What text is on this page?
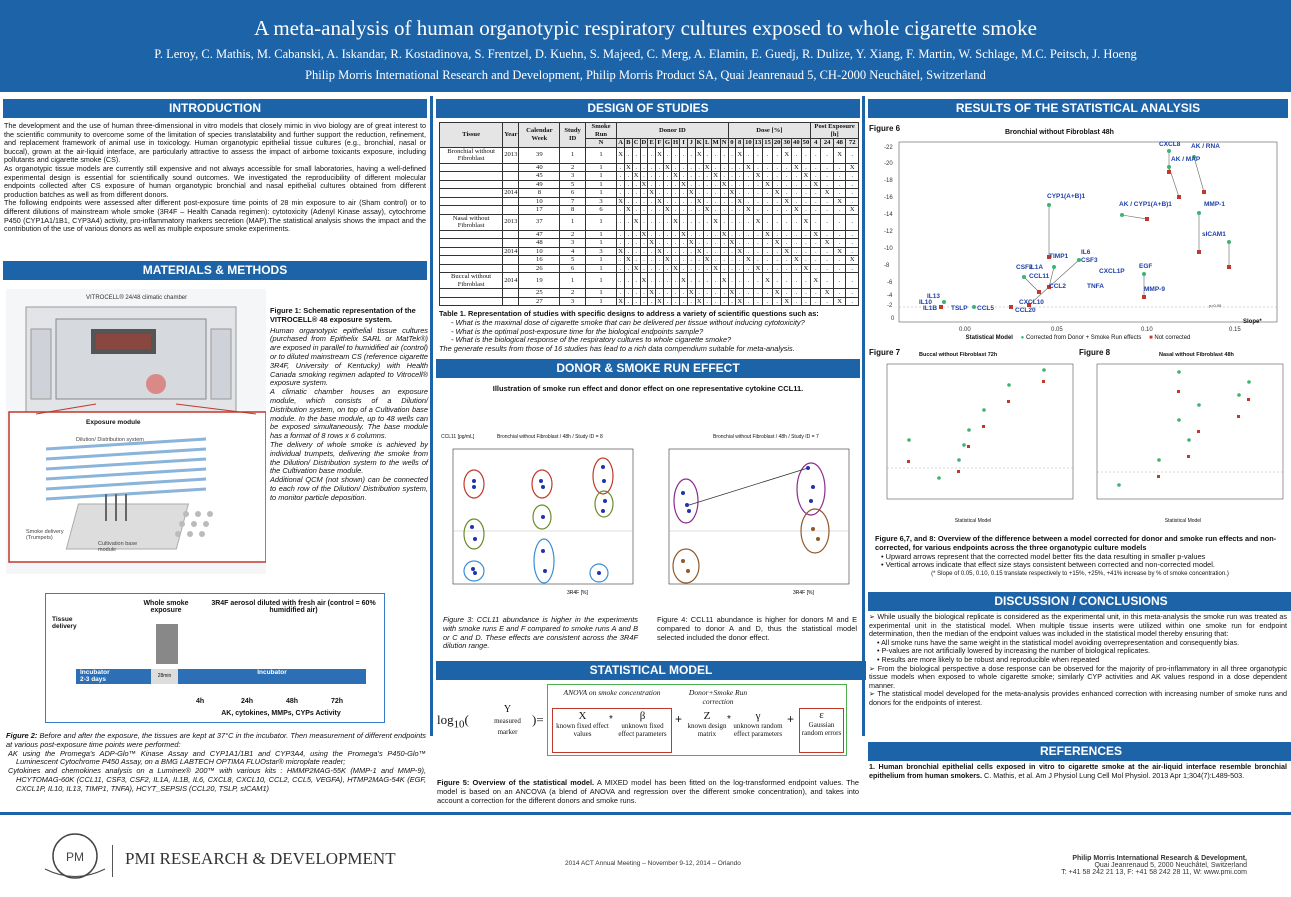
A meta-analysis of human organotypic respiratory cultures exposed to whole cigarette smoke
P. Leroy, C. Mathis, M. Cabanski, A. Iskandar, R. Kostadinova, S. Frentzel, D. Kuehn, S. Majeed, C. Merg, A. Elamin, E. Guedj, R. Dulize, Y. Xiang, F. Martin, W. Schlage, M.C. Peitsch, J. Hoeng
Philip Morris International Research and Development, Philip Morris Product SA, Quai Jeanrenaud 5, CH-2000 Neuchâtel, Switzerland
INTRODUCTION

The development and the use of human three-dimensional in vitro models that closely mimic in vivo biology are of great interest to the scientific community to overcome some of the limitation of species translatability and further support the reduction, refinement, and replacement framework of animal use in toxicology. Human organotypic epithelial tissue cultures (e.g., bronchial, nasal or buccal), grown at the air-liquid interface, are particularly attractive to assess the impact of airborne toxicants exposure, including pollutants and cigarette smoke (CS).

As organotypic tissue models are currently still expensive and not always accessible for small laboratories, having a well-defined experimental design is essential for scientifically sound outcomes. We investigated the reproducibility of different molecular endpoints collected after CS exposure of human organotypic bronchial and nasal epithelial cultures obtained from different production batches as well as from different donors.

The following endpoints were assessed after different post-exposure time points of 28 min exposure to air (Sham control) or to different dilutions of mainstream whole smoke (3R4F – Health Canada regimen): cytotoxicity (Adenyl Kinase assay), cytochrome P450 (CYP1A1/1B1, CYP3A4) activity, pro-inflammatory markers secretion (MAP).The statistical analysis shows the impact and the contribution of the use of various donors as well as multiple exposure smoke experiments.

MATERIALS & METHODS
VITROCELL® 24/48 climatic chamber
Exposure module
Dilution/ Distribution system
Smoke delivery (Trumpets)
Cultivation base module
Figure 1: Schematic representation of the VITROCELL® 48 exposure system.

Human organotypic epithelial tissue cultures (purchased from Epithelix SARL or MatTek®) are exposed in parallel to humidified air (control) or to diluted mainstream CS (reference cigarette 3R4F, University of Kentucky) with Health Canada smoking regimen adapted to Vitrocell® exposure system.

A climatic chamber houses an exposure module, which consists of a Dilution/ Distribution system, on top of a Cultivation base module. In the base module, up to 48 wells can be exposed simultaneously. The base module has a format of 8 rows x 6 columns.

The delivery of whole smoke is achieved by individual trumpets, delivering the smoke from the Dilution/ Distribution system to the wells of the Cultivation base module.

Additional QCM (not shown) can be connected to each row of the Dilution/ Distribution system, to monitor particle deposition.

Tissue delivery
Whole smoke exposure
3R4F aerosol diluted with fresh air (control = 60% humidified air)
Incubator
2-3 days	28min	Incubator
4h	24h	48h	72h
AK, cytokines, MMPs, CYPs Activity
Figure 2: Before and after the exposure, the tissues are kept at 37°C in the incubator. Then measurement of different endpoints at various post-exposure time points were performed:
AK using the Promega's ADP-Glo™ Kinase Assay and CYP1A1/1B1 and CYP3A4, using the Promega's P450-Glo™ Luminescent Cytochrome P450 Assay, on a BMG LABTECH OPTIMA FLUOstar® microplate reader;
Cytokines and chemokines analysis on a Luminex® 200™ with various kits : HMMP2MAG-55K (MMP-1 and MMP-9), HCYTOMAG-60K (CCL11, CSF3, CSF2, IL1A, IL1B, IL6, CXCL8, CXCL10, CCL2, CCL5, VEGFA), HTMP2MAG-54K (EGF, CXCL1P, IL10, IL13, TIMP1, TNFA), HCYT_SEPSIS (CCL20, TSLP, sICAM1)
DESIGN OF STUDIES
Tissue	Year	Calendar Week	Study ID	Smoke Run	Donor ID														Dose [%]									Post Exposure [h]			
				N	A	B	C	D	E	F	G	H	I	J	K	L	M	N	0	8	10	13	15	20	30	40	50	4	24	48	72
Bronchial without Fibroblast	2013	39	1	1	X	.	.	.	.	X	.	.	.	.	X	.	.	.	.	X	.	.	.	.	X	.	.	.	.	X	.
		40	2	1	.	X	.	.	.	.	X	.	.	.	.	X	.	.	.	.	X	.	.	.	.	X	.	.	.	.	X
		45	3	1	.	.	X	.	.	.	.	X	.	.	.	.	X	.	.	.	.	X	.	.	.	.	X	.	.	.	.
		49	5	1	.	.	.	X	.	.	.	.	X	.	.	.	.	X	.	.	.	.	X	.	.	.	.	X	.	.	.
	2014	8	6	1	.	.	.	.	X	.	.	.	.	X	.	.	.	.	X	.	.	.	.	X	.	.	.	.	X	.	.
		10	7	3	X	.	.	.	.	X	.	.	.	.	X	.	.	.	.	X	.	.	.	.	X	.	.	.	.	X	.
		17	8	6	.	X	.	.	.	.	X	.	.	.	.	X	.	.	.	.	X	.	.	.	.	X	.	.	.	.	X
Nasal without Fibroblast	2013	37	1	1	.	.	X	.	.	.	.	X	.	.	.	.	X	.	.	.	.	X	.	.	.	.	X	.	.	.	.
		47	2	1	.	.	.	X	.	.	.	.	X	.	.	.	.	X	.	.	.	.	X	.	.	.	.	X	.	.	.
		48	3	1	.	.	.	.	X	.	.	.	.	X	.	.	.	.	X	.	.	.	.	X	.	.	.	.	X	.	.
	2014	10	4	3	X	.	.	.	.	X	.	.	.	.	X	.	.	.	.	X	.	.	.	.	X	.	.	.	.	X	.
		16	5	1	.	X	.	.	.	.	X	.	.	.	.	X	.	.	.	.	X	.	.	.	.	X	.	.	.	.	X
		26	6	1	.	.	X	.	.	.	.	X	.	.	.	.	X	.	.	.	.	X	.	.	.	.	X	.	.	.	.
Buccal without Fibroblast	2014	19	1	1	.	.	.	X	.	.	.	.	X	.	.	.	.	X	.	.	.	.	X	.	.	.	.	X	.	.	.
		25	2	1	.	.	.	.	X	.	.	.	.	X	.	.	.	.	X	.	.	.	.	X	.	.	.	.	X	.	.
		27	3	1	X	.	.	.	.	X	.	.	.	.	X	.	.	.	.	X	.	.	.	.	X	.	.	.	.	X	.
Table 1. Representation of studies with specific designs to address a variety of scientific questions such as:
- What is the maximal dose of cigarette smoke that can be delivered per tissue without inducing cytotoxicity?
- What is the optimal post-exposure time for the biological endpoints sample?
- What is the biological response of the respiratory cultures to whole cigarette smoke?
The generate results from those of 16 studies has lead to a rich data compendium suitable for meta-analysis.
DONOR & SMOKE RUN EFFECT
Illustration of smoke run effect and donor effect on one representative cytokine CCL11.
CCL11 [pg/mL]	Bronchial without Fibroblast / 48h / Study ID = 8
3R4F [%]
Bronchial without Fibroblast / 48h / Study ID = 7
3R4F [%]
Figure 3: CCL11 abundance is higher in the experiments with smoke runs E and F compared to smoke runs A and B or C and D. These effects are consistent across the 3R4F dilution range.
Figure 4: CCL11 abundance is higher for donors M and E compared to donor A and D, thus the statistical model selected included the donor effect.
STATISTICAL MODEL
$\log_{10}$(
Y
measured marker
)=
ANOVA on smoke concentration	Donor+Smoke Run correction
X
known fixed effect values
*	β
unknown fixed effect parameters
+	Z
known design matrix
*	γ
unknown random effect parameters
+	ε
Gaussian random errors
Figure 5: Overview of the statistical model. A MIXED model has been fitted on the log-transformed endpoint values. The model is based on an ANCOVA (a blend of ANOVA and regression over the different smoke concentration), and takes into account a correction for the different donors and smoke runs.
RESULTS OF THE STATISTICAL ANALYSIS
Figure 6	Bronchial without Fibroblast 48h
-22
-20
-18
-16
-14
-12
-10
-8
-6
-4
-2
0
0.00	0.05	0.10	0.15
p=0.05
CXCL8 AK / RNA
AK / MAP
AK / CYP1(A+B)1	MMP-1
CYP1(A+B)1
sICAM1
TIMP1
IL6
CSF3
EGF
CSF2
IL1A
CCL11
CXCL1P
MMP-9
CCL2	TNFA
IL13
IL10
IL1B TSLP CCL5
CXCL10
CCL20
Statistical Model ● Corrected from Donor + Smoke Run effects ■ Not corrected
Slope*
Figure 7	Buccal without Fibroblast 72h
Statistical Model
Figure 8	Nasal without Fibroblast 48h
Statistical Model
Figure 6,7, and 8: Overview of the difference between a model corrected for donor and smoke run effects and non-corrected, for various endpoints across the three organotypic culture models
• Upward arrows represent that the corrected model better fits the data resulting in smaller p-values
• Vertical arrows indicate that effect size stays consistent between corrected and non-corrected model.
(* Slope of 0.05, 0.10, 0.15 translate respectively to +15%, +25%, +41% increase by % of smoke concentration.)
DISCUSSION / CONCLUSIONS

➢ While usually the biological replicate is considered as the experimental unit, in this meta-analysis the smoke run was treated as experimental unit in the statistical model. When multiple tissue inserts were utilized within one smoke run for endpoint determination, then the median of the endpoint values was included in the statistical model thereby ensuring that:

• All smoke runs have the same weight in the statistical model avoiding overrepresentation and consequently bias.
• P-values are not artificially lowered by increasing the number of biological replicates.
• Results are more likely to be robust and reproducible when repeated

➢ From the biological perspective a dose response can be observed for the majority of pro-inflammatory in all three organotypic tissue models when exposed to whole cigarette smoke; similarly CYP activities and AK values respond in a dose dependent manner.

➢ The statistical model developed for the meta-analysis provides enhanced correction with increasing number of smoke runs and donors for the endpoints of interest.

REFERENCES
1. Human bronchial epithelial cells exposed in vitro to cigarette smoke at the air-liquid interface resemble bronchial epithelium from human smokers. C. Mathis, et al. Am J Physiol Lung Cell Mol Physiol. 2013 Apr 1;304(7):L489-503.
PM PMI RESEARCH & DEVELOPMENT	2014 ACT Annual Meeting – November 9-12, 2014 – Orlando
Philip Morris International Research & Development,
Quai Jeanrenaud 5, 2000 Neuchâtel, Switzerland
T: +41 58 242 21 13, F: +41 58 242 28 11, W: www.pmi.com
